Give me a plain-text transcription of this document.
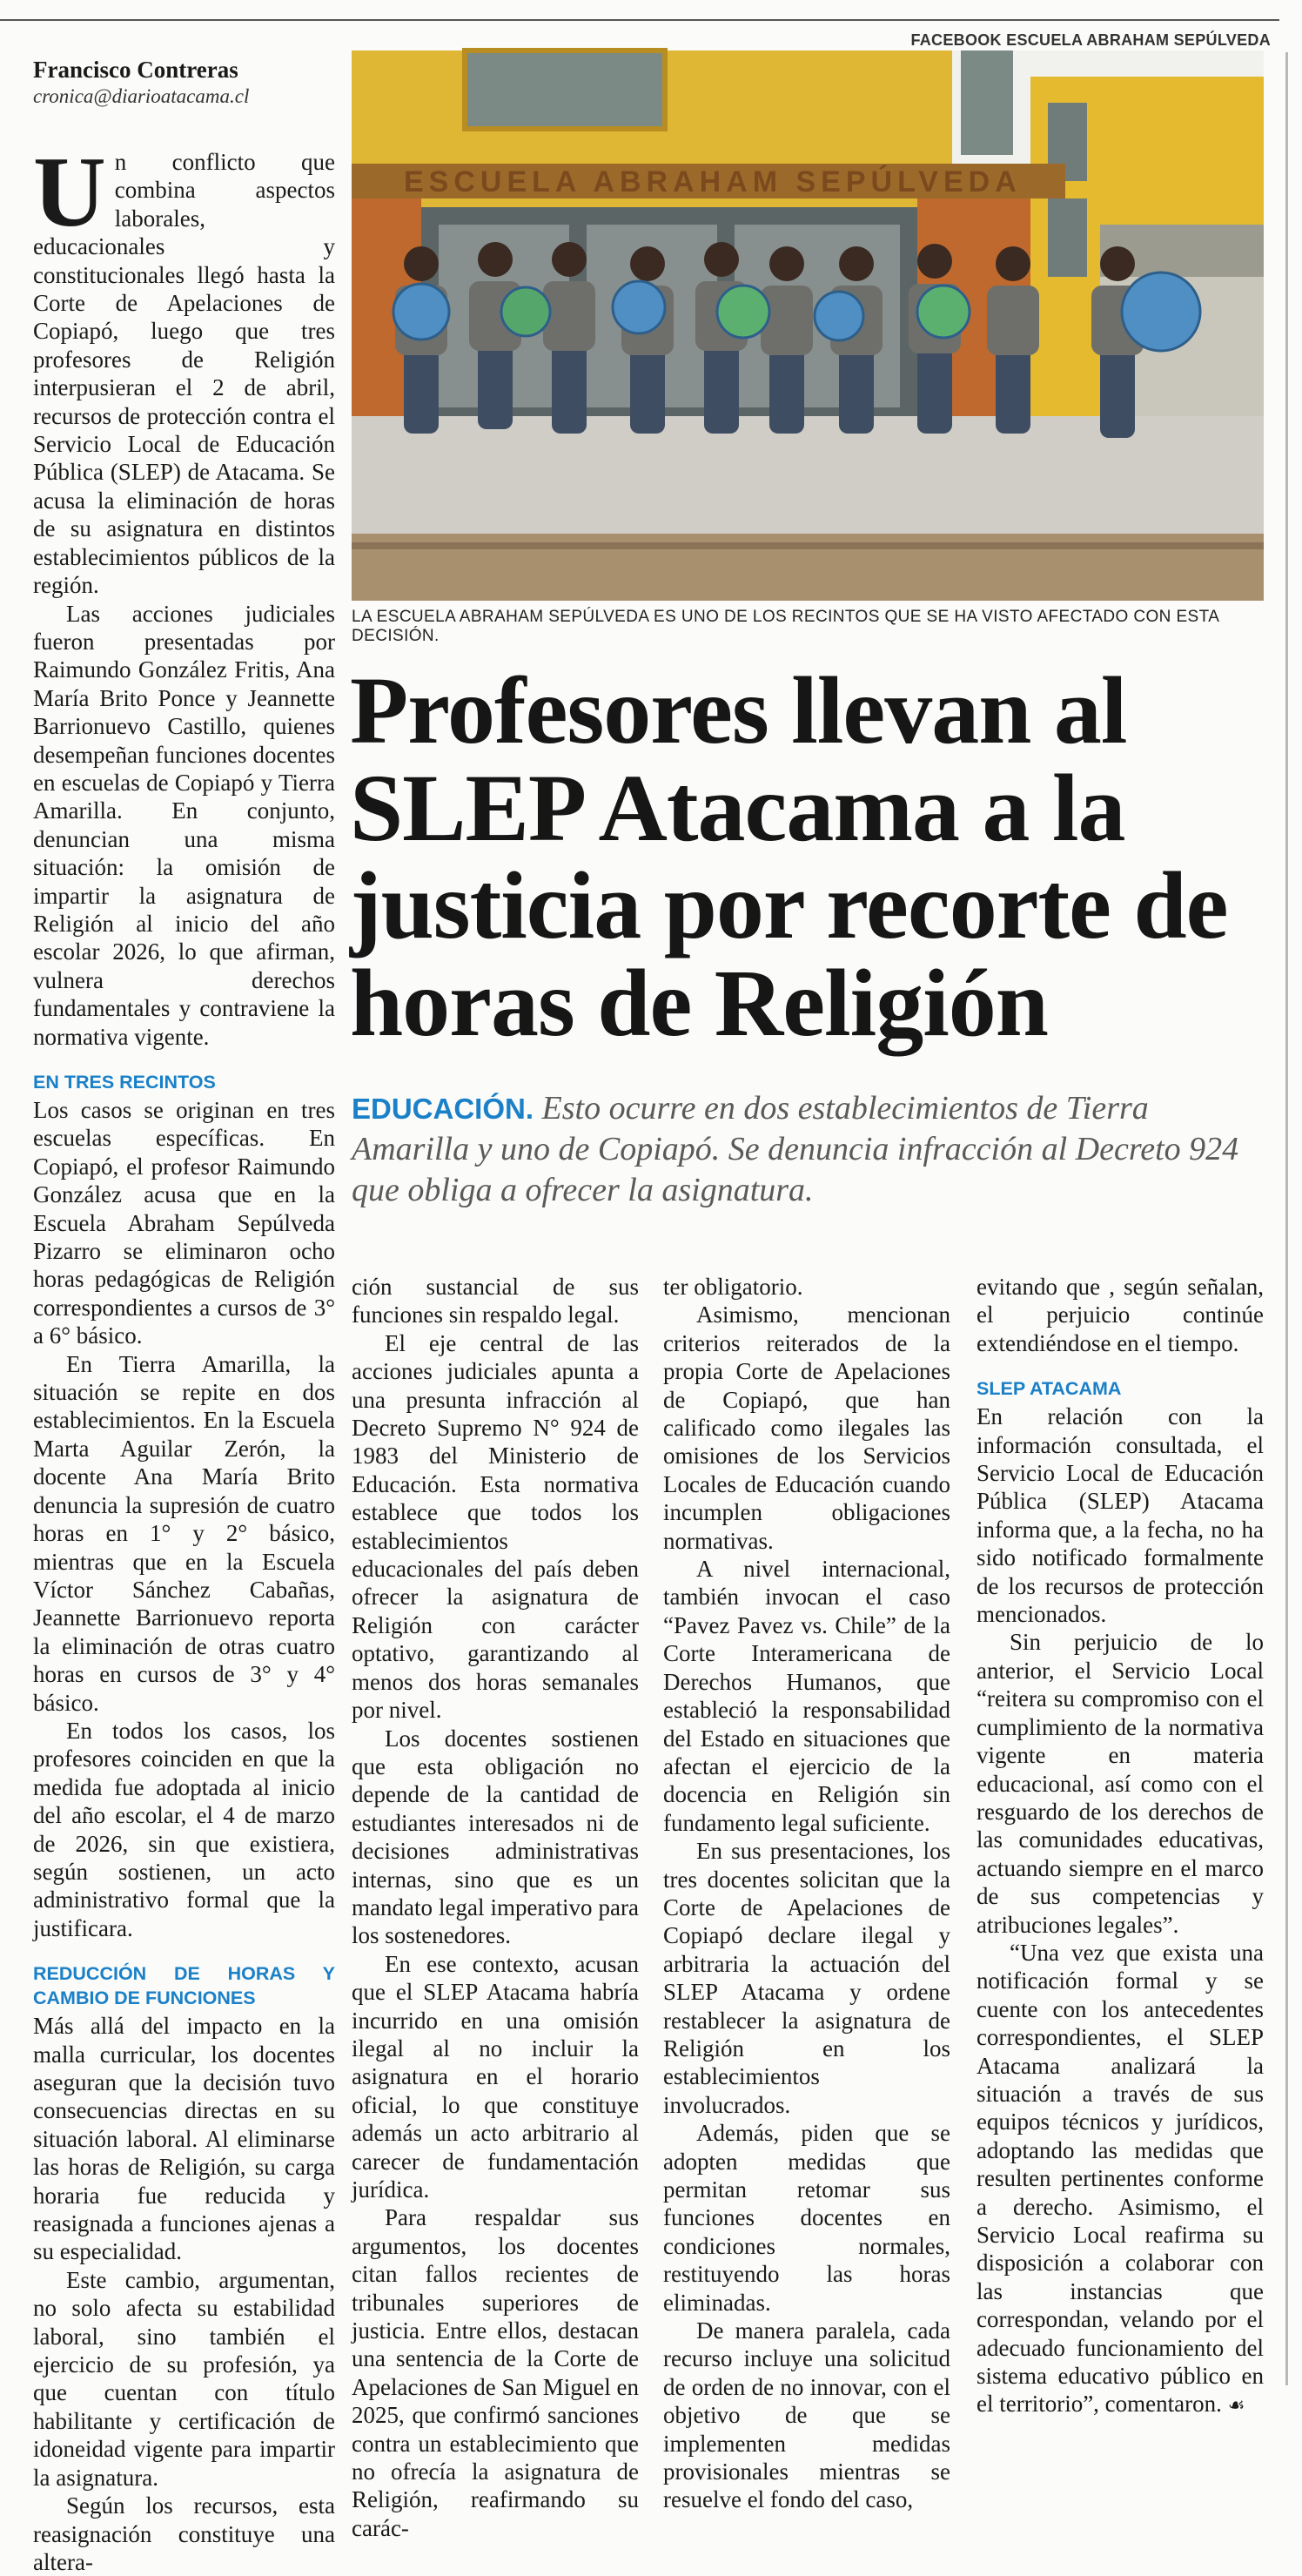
FACEBOOK ESCUELA ABRAHAM SEPÚLVEDA
Francisco Contreras
cronica@diarioatacama.cl
ESCUELA ABRAHAM SEPÚLVEDA
LA ESCUELA ABRAHAM SEPÚLVEDA ES UNO DE LOS RECINTOS QUE SE HA VISTO AFECTADO CON ESTA DECISIÓN.
Profesores llevan al SLEP Atacama a la justicia por recorte de horas de Religión
EDUCACIÓN. Esto ocurre en dos establecimientos de Tierra Amarilla y uno de Copiapó. Se denuncia infracción al Decreto 924 que obliga a ofrecer la asignatura.

Un conflicto que combina aspectos laborales, educacionales y constitucionales llegó hasta la Corte de Apelaciones de Copiapó, luego que tres profesores de Religión interpusieran el 2 de abril, recursos de protección contra el Servicio Local de Educación Pública (SLEP) de Atacama. Se acusa la eliminación de horas de su asignatura en distintos establecimientos públicos de la región.

Las acciones judiciales fueron presentadas por Raimundo González Fritis, Ana María Brito Ponce y Jeannette Barrionuevo Castillo, quienes desempeñan funciones docentes en escuelas de Copiapó y Tierra Amarilla. En conjunto, denuncian una misma situación: la omisión de impartir la asignatura de Religión al inicio del año escolar 2026, lo que afirman, vulnera derechos fundamentales y contraviene la normativa vigente.

EN TRES RECINTOS

Los casos se originan en tres escuelas específicas. En Copiapó, el profesor Raimundo González acusa que en la Escuela Abraham Sepúlveda Pizarro se eliminaron ocho horas pedagógicas de Religión correspondientes a cursos de 3° a 6° básico.

En Tierra Amarilla, la situación se repite en dos establecimientos. En la Escuela Marta Aguilar Zerón, la docente Ana María Brito denuncia la supresión de cuatro horas en 1° y 2° básico, mientras que en la Escuela Víctor Sánchez Cabañas, Jeannette Barrionuevo reporta la eliminación de otras cuatro horas en cursos de 3° y 4° básico.

En todos los casos, los profesores coinciden en que la medida fue adoptada al inicio del año escolar, el 4 de marzo de 2026, sin que existiera, según sostienen, un acto administrativo formal que la justificara.

REDUCCIÓN DE HORAS Y CAMBIO DE FUNCIONES

Más allá del impacto en la malla curricular, los docentes aseguran que la decisión tuvo consecuencias directas en su situación laboral. Al eliminarse las horas de Religión, su carga horaria fue reducida y reasignada a funciones ajenas a su especialidad.

Este cambio, argumentan, no solo afecta su estabilidad laboral, sino también el ejercicio de su profesión, ya que cuentan con título habilitante y certificación de idoneidad vigente para impartir la asignatura.

Según los recursos, esta reasignación constituye una altera-

ción sustancial de sus funciones sin respaldo legal.

El eje central de las acciones judiciales apunta a una presunta infracción al Decreto Supremo N° 924 de 1983 del Ministerio de Educación. Esta normativa establece que todos los establecimientos educacionales del país deben ofrecer la asignatura de Religión con carácter optativo, garantizando al menos dos horas semanales por nivel.

Los docentes sostienen que esta obligación no depende de la cantidad de estudiantes interesados ni de decisiones administrativas internas, sino que es un mandato legal imperativo para los sostenedores.

En ese contexto, acusan que el SLEP Atacama habría incurrido en una omisión ilegal al no incluir la asignatura en el horario oficial, lo que constituye además un acto arbitrario al carecer de fundamentación jurídica.

Para respaldar sus argumentos, los docentes citan fallos recientes de tribunales superiores de justicia. Entre ellos, destacan una sentencia de la Corte de Apelaciones de San Miguel en 2025, que confirmó sanciones contra un establecimiento que no ofrecía la asignatura de Religión, reafirmando su carác-

ter obligatorio.

Asimismo, mencionan criterios reiterados de la propia Corte de Apelaciones de Copiapó, que han calificado como ilegales las omisiones de los Servicios Locales de Educación cuando incumplen obligaciones normativas.

A nivel internacional, también invocan el caso “Pavez Pavez vs. Chile” de la Corte Interamericana de Derechos Humanos, que estableció la responsabilidad del Estado en situaciones que afectan el ejercicio de la docencia en Religión sin fundamento legal suficiente.

En sus presentaciones, los tres docentes solicitan que la Corte de Apelaciones de Copiapó declare ilegal y arbitraria la actuación del SLEP Atacama y ordene restablecer la asignatura de Religión en los establecimientos involucrados.

Además, piden que se adopten medidas que permitan retomar sus funciones docentes en condiciones normales, restituyendo las horas eliminadas.

De manera paralela, cada recurso incluye una solicitud de orden de no innovar, con el objetivo de que se implementen medidas provisionales mientras se resuelve el fondo del caso,

evitando que , según señalan, el perjuicio continúe extendiéndose en el tiempo.

SLEP ATACAMA

En relación con la información consultada, el Servicio Local de Educación Pública (SLEP) Atacama informa que, a la fecha, no ha sido notificado formalmente de los recursos de protección mencionados.

Sin perjuicio de lo anterior, el Servicio Local “reitera su compromiso con el cumplimiento de la normativa vigente en materia educacional, así como con el resguardo de los derechos de las comunidades educativas, actuando siempre en el marco de sus competencias y atribuciones legales”.

“Una vez que exista una notificación formal y se cuente con los antecedentes correspondientes, el SLEP Atacama analizará la situación a través de sus equipos técnicos y jurídicos, adoptando las medidas que resulten pertinentes conforme a derecho. Asimismo, el Servicio Local reafirma su disposición a colaborar con las instancias que correspondan, velando por el adecuado funcionamiento del sistema educativo público en el territorio”, comentaron. ☙
